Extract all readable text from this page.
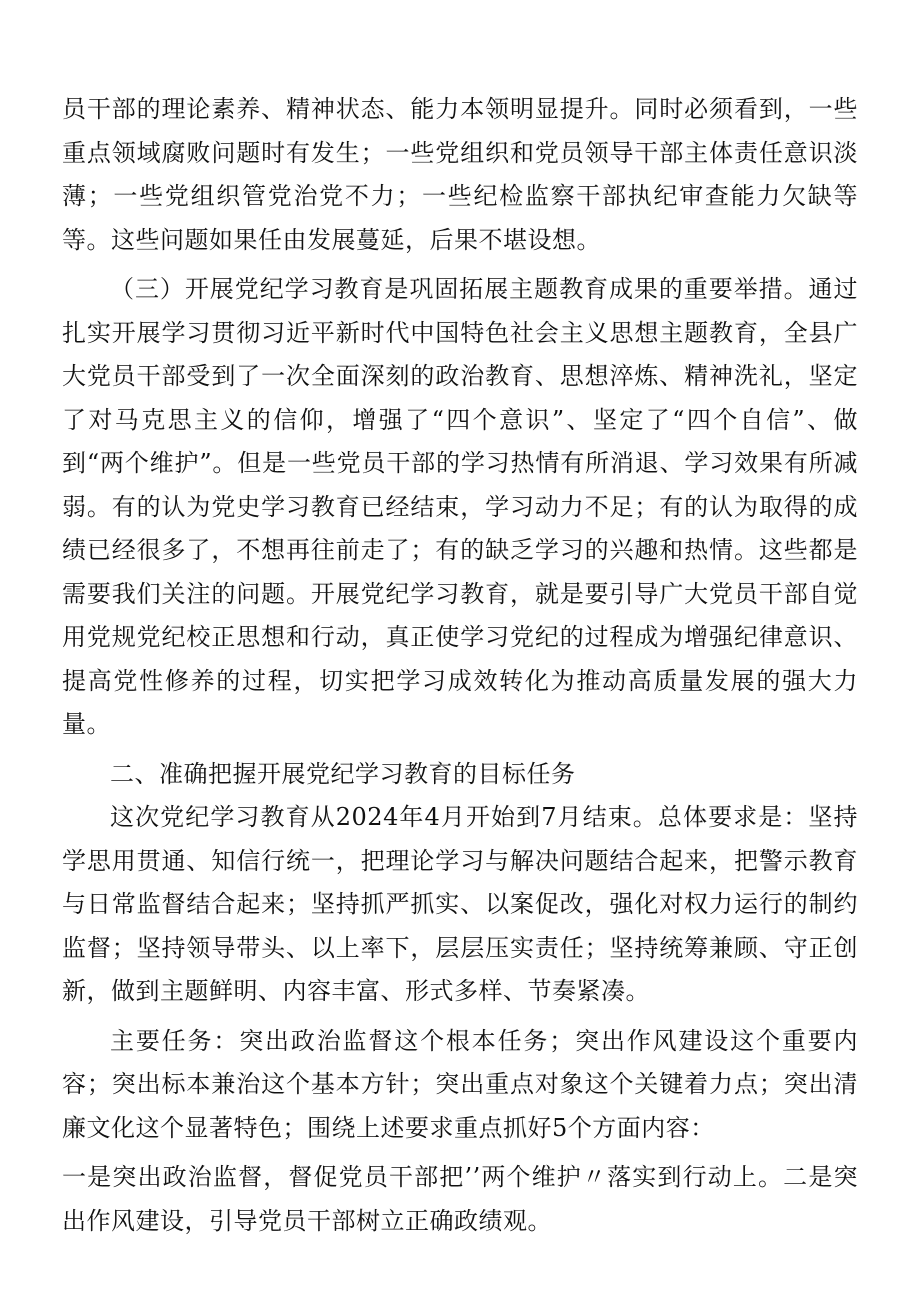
员干部的理论素养、精神状态、能力本领明显提升。同时必须看到，一些重点领域腐败问题时有发生；一些党组织和党员领导干部主体责任意识淡薄；一些党组织管党治党不力；一些纪检监察干部执纪审查能力欠缺等等。这些问题如果任由发展蔓延，后果不堪设想。

（三）开展党纪学习教育是巩固拓展主题教育成果的重要举措。通过扎实开展学习贯彻习近平新时代中国特色社会主义思想主题教育，全县广大党员干部受到了一次全面深刻的政治教育、思想淬炼、精神洗礼，坚定了对马克思主义的信仰，增强了“四个意识”、坚定了“四个自信”、做到“两个维护”。但是一些党员干部的学习热情有所消退、学习效果有所减弱。有的认为党史学习教育已经结束，学习动力不足；有的认为取得的成绩已经很多了，不想再往前走了；有的缺乏学习的兴趣和热情。这些都是需要我们关注的问题。开展党纪学习教育，就是要引导广大党员干部自觉用党规党纪校正思想和行动，真正使学习党纪的过程成为增强纪律意识、提高党性修养的过程，切实把学习成效转化为推动高质量发展的强大力量。

二、准确把握开展党纪学习教育的目标任务

这次党纪学习教育从2024年4月开始到7月结束。总体要求是：坚持学思用贯通、知信行统一，把理论学习与解决问题结合起来，把警示教育与日常监督结合起来；坚持抓严抓实、以案促改，强化对权力运行的制约监督；坚持领导带头、以上率下，层层压实责任；坚持统筹兼顾、守正创新，做到主题鲜明、内容丰富、形式多样、节奏紧凑。

主要任务：突出政治监督这个根本任务；突出作风建设这个重要内容；突出标本兼治这个基本方针；突出重点对象这个关键着力点；突出清廉文化这个显著特色；围绕上述要求重点抓好5个方面内容：

一是突出政治监督，督促党员干部把’’两个维护〃落实到行动上。二是突出作风建设，引导党员干部树立正确政绩观。
